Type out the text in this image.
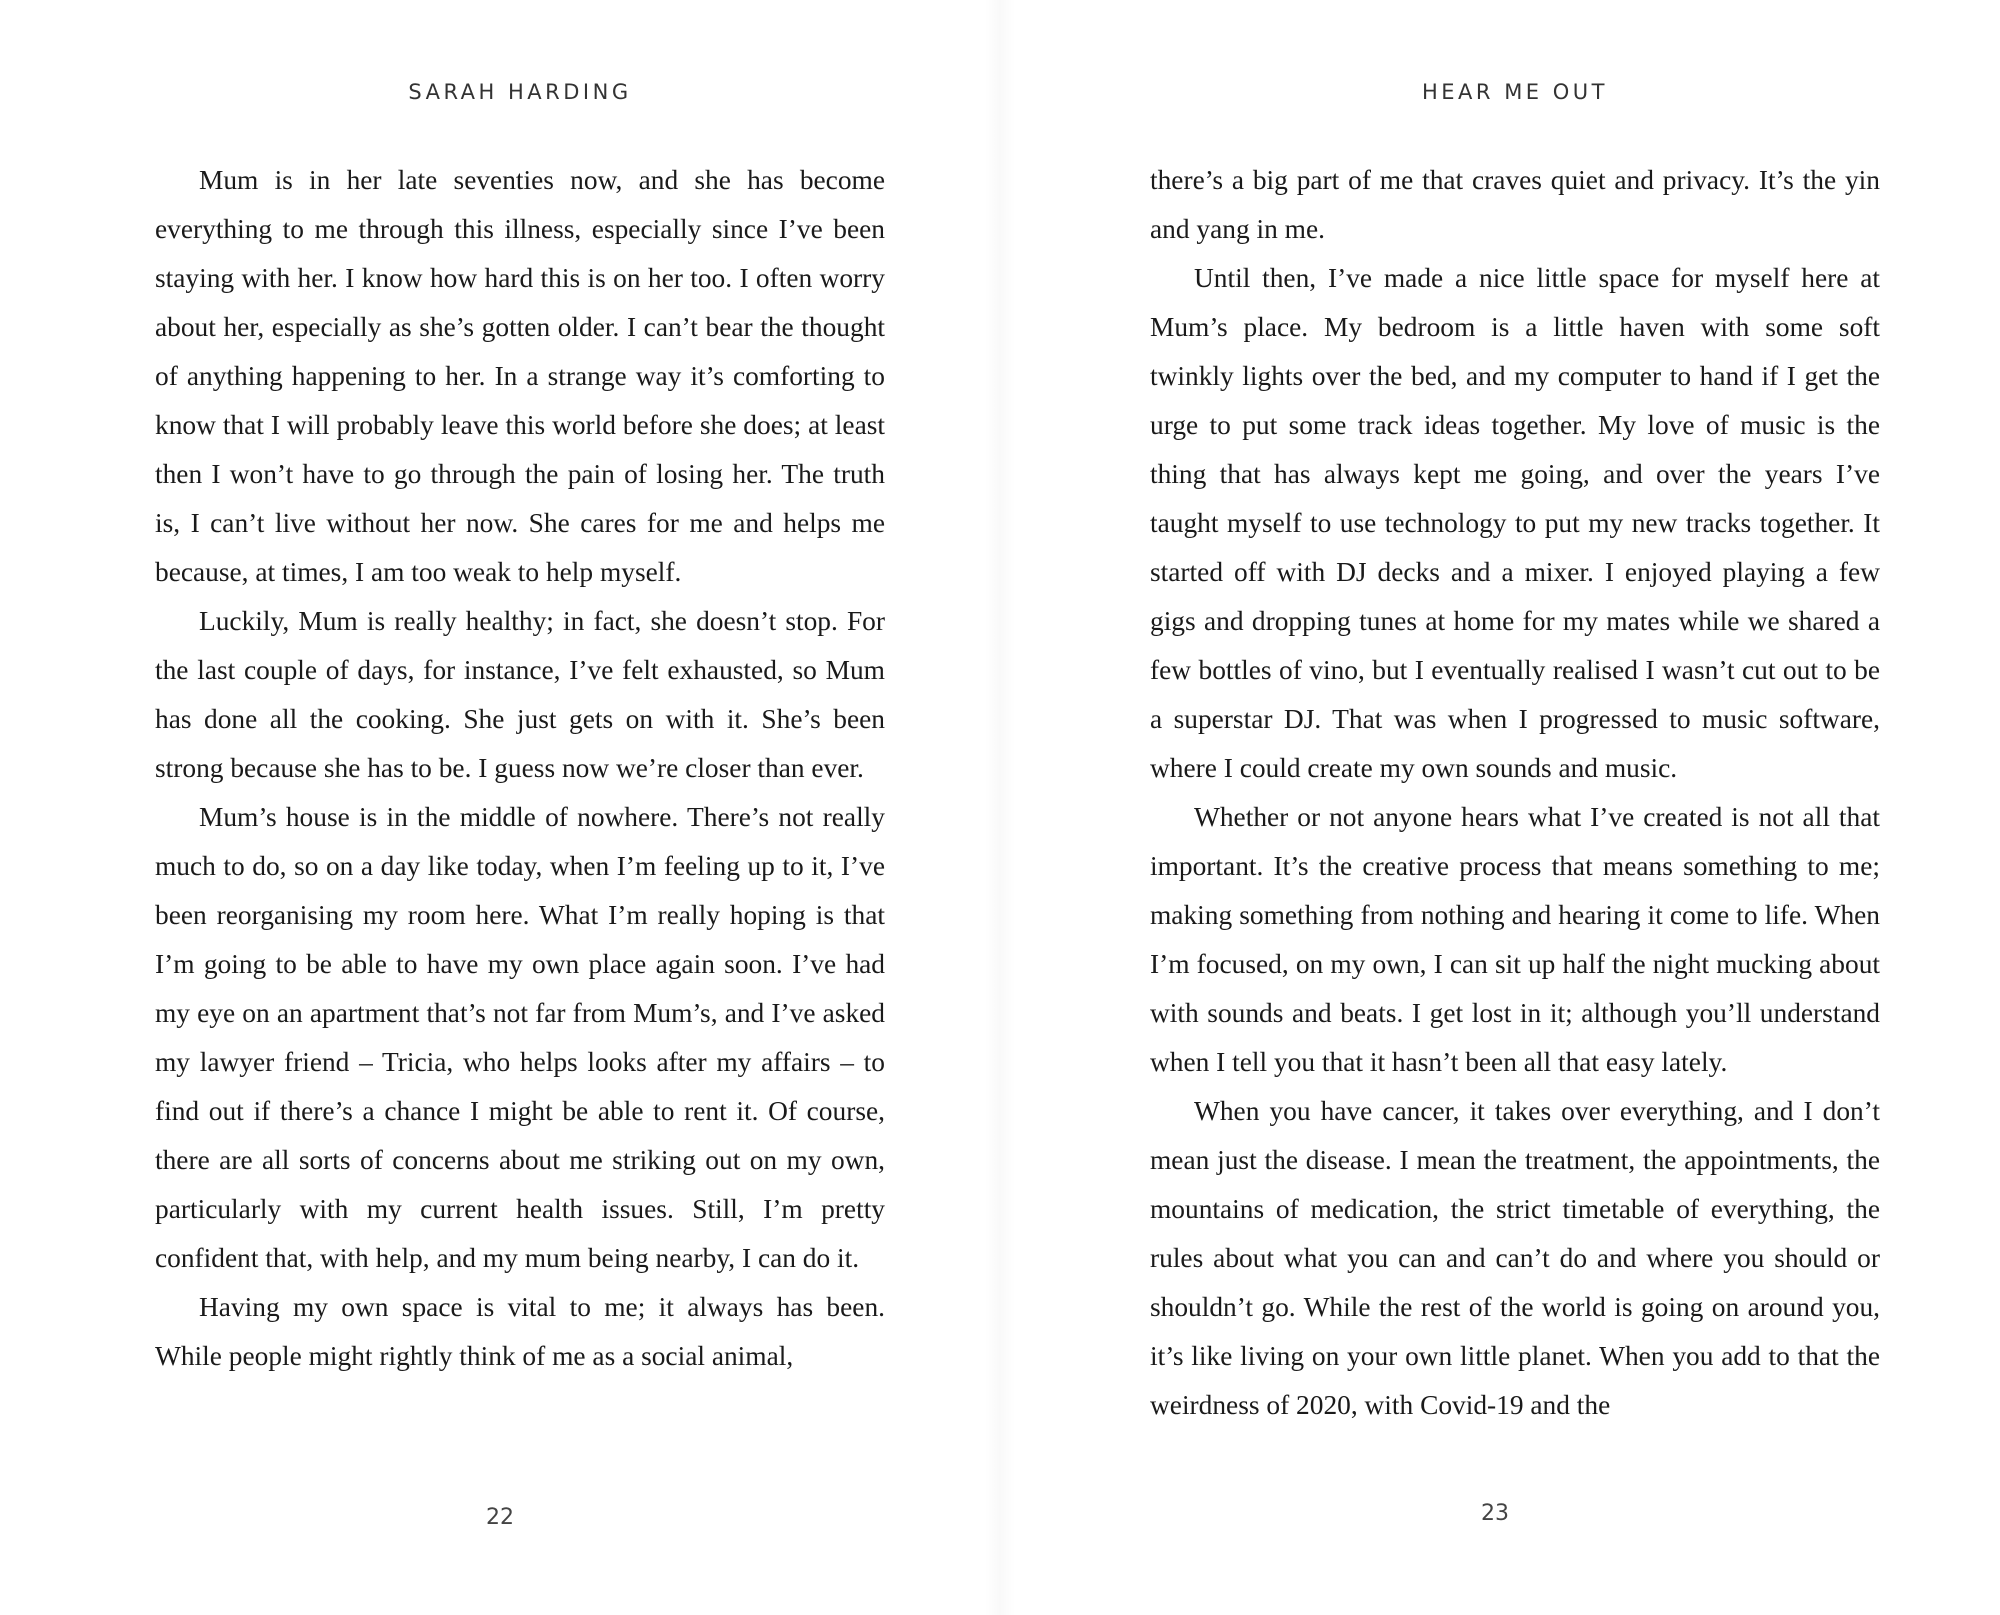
SARAH HARDING

Mum is in her late seventies now, and she has become everything to me through this illness, especially since I’ve been staying with her. I know how hard this is on her too. I often worry about her, especially as she’s gotten older. I can’t bear the thought of anything happening to her. In a strange way it’s comforting to know that I will probably leave this world before she does; at least then I won’t have to go through the pain of losing her. The truth is, I can’t live without her now. She cares for me and helps me because, at times, I am too weak to help myself.

Luckily, Mum is really healthy; in fact, she doesn’t stop. For the last couple of days, for instance, I’ve felt exhausted, so Mum has done all the cooking. She just gets on with it. She’s been strong because she has to be. I guess now we’re closer than ever.

Mum’s house is in the middle of nowhere. There’s not really much to do, so on a day like today, when I’m feeling up to it, I’ve been reorganising my room here. What I’m really hoping is that I’m going to be able to have my own place again soon. I’ve had my eye on an apartment that’s not far from Mum’s, and I’ve asked my lawyer friend – Tricia, who helps looks after my affairs – to find out if there’s a chance I might be able to rent it. Of course, there are all sorts of concerns about me striking out on my own, particularly with my current health issues. Still, I’m pretty confident that, with help, and my mum being nearby, I can do it.

Having my own space is vital to me; it always has been. While people might rightly think of me as a social animal,

22
HEAR ME OUT

there’s a big part of me that craves quiet and privacy. It’s the yin and yang in me.

Until then, I’ve made a nice little space for myself here at Mum’s place. My bedroom is a little haven with some soft twinkly lights over the bed, and my computer to hand if I get the urge to put some track ideas together. My love of music is the thing that has always kept me going, and over the years I’ve taught myself to use technology to put my new tracks together. It started off with DJ decks and a mixer. I enjoyed playing a few gigs and dropping tunes at home for my mates while we shared a few bottles of vino, but I eventually realised I wasn’t cut out to be a superstar DJ. That was when I progressed to music software, where I could create my own sounds and music.

Whether or not anyone hears what I’ve created is not all that important. It’s the creative process that means something to me; making something from nothing and hearing it come to life. When I’m focused, on my own, I can sit up half the night mucking about with sounds and beats. I get lost in it; although you’ll understand when I tell you that it hasn’t been all that easy lately.

When you have cancer, it takes over everything, and I don’t mean just the disease. I mean the treatment, the appointments, the mountains of medication, the strict timetable of everything, the rules about what you can and can’t do and where you should or shouldn’t go. While the rest of the world is going on around you, it’s like living on your own little planet. When you add to that the weirdness of 2020, with Covid-19 and the

23
